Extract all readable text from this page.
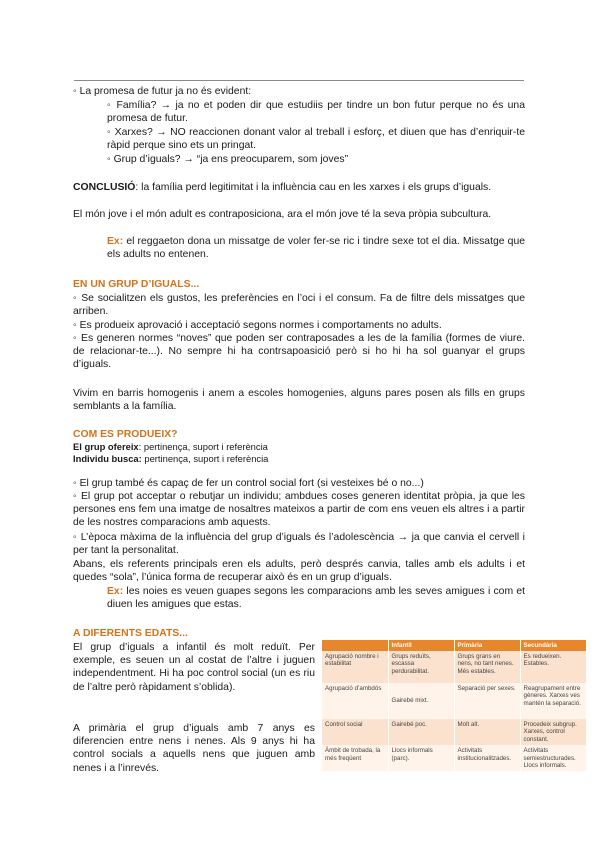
◦ La promesa de futur ja no és evident:

◦ Família? → ja no et poden dir que estudiis per tindre un bon futur perque no és una promesa de futur.

◦ Xarxes? → NO reaccionen donant valor al treball i esforç, et diuen que has d’enriquir-te ràpid perque sino ets un pringat.

◦ Grup d’iguals? → “ja ens preocuparem, som joves”

CONCLUSIÓ: la família perd legitimitat i la influència cau en les xarxes i els grups d’iguals.

El món jove i el món adult es contraposiciona, ara el món jove té la seva pròpia subcultura.

Ex: el reggaeton dona un missatge de voler fer-se ric i tindre sexe tot el dia. Missatge que els adults no entenen.

EN UN GRUP D’IGUALS...

◦ Se socialitzen els gustos, les preferències en l’oci i el consum. Fa de filtre dels missatges que arriben.

◦ Es produeix aprovació i acceptació segons normes i comportaments no adults.

◦ Es generen normes “noves” que poden ser contraposades a les de la família (formes de viure. de relacionar-te...). No sempre hi ha contrsapoasició però si ho hi ha sol guanyar el grups d’iguals.

Vivim en barris homogenis i anem a escoles homogenies, alguns pares posen als fills en grups semblants a la família.

COM ES PRODUEIX?

El grup ofereix: pertinença, suport i referència

Individu busca: pertinença, suport i referència

◦ El grup també és capaç de fer un control social fort (si vesteixes bé o no...)

◦ El grup pot acceptar o rebutjar un individu; ambdues coses generen identitat pròpia, ja que les persones ens fem una imatge de nosaltres mateixos a partir de com ens veuen els altres i a partir de les nostres comparacions amb aquests.

◦ L’època màxima de la influència del grup d’iguals és l’adolescència → ja que canvia el cervell i per tant la personalitat.

Abans, els referents principals eren els adults, però després canvia, talles amb els adults i et quedes “sola”, l’única forma de recuperar això és en un grup d’iguals.

Ex: les noies es veuen guapes segons les comparacions amb les seves amigues i com et diuen les amigues que estas.

A DIFERENTS EDATS...

El grup d’iguals a infantil és molt reduït. Per exemple, es seuen un al costat de l’altre i juguen independentment. Hi ha poc control social (un es riu de l’altre però ràpidament s’oblida).

A primària el grup d’iguals amb 7 anys es diferencien entre nens i nenes. Als 9 anys hi ha control socials a aquells nens que juguen amb nenes i a l’inrevés.

	Infantil	Primària	Secundària
Agrupació nombre i estabilitat	Grups reduïts, escassa perdurabilitat.	Grups grans en nens, no tant nenes. Més estables.	Es redueixen. Estables.
Agrupació d’ambdós	Gairebé mixt.	Separació per sexes.	Reagrupament entre gèneres. Xarxes ves mantén la separació.
Control social	Gairebé poc.	Molt alt.	Procedeix subgrup. Xarxes, control constant.
Àmbit de trobada, la més freqüent	Llocs informals (parc).	Activitats institucionalitzades.	Activitats semiestructurades. Llocs informals.
